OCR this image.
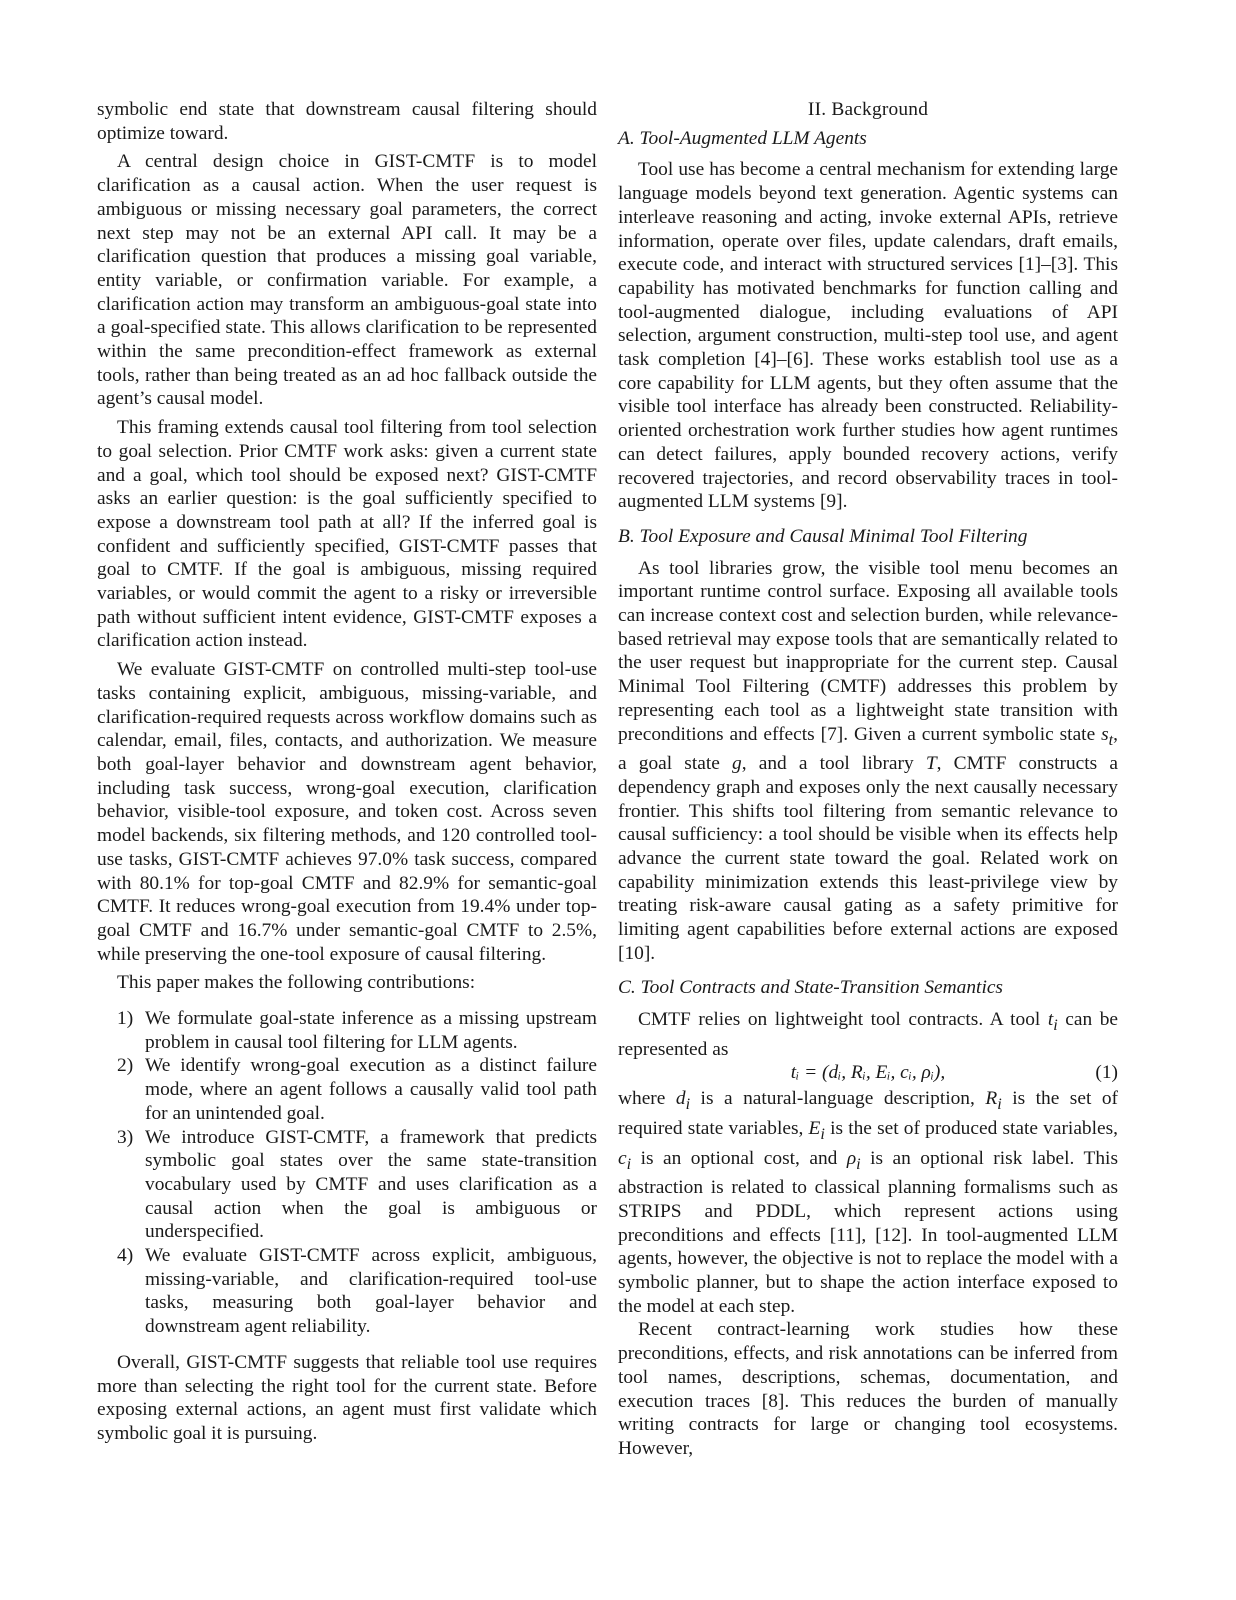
symbolic end state that downstream causal filtering should optimize toward.

A central design choice in GIST-CMTF is to model clarification as a causal action. When the user request is ambiguous or missing necessary goal parameters, the correct next step may not be an external API call. It may be a clarification question that produces a missing goal variable, entity variable, or confirmation variable. For example, a clarification action may transform an ambiguous-goal state into a goal-specified state. This allows clarification to be represented within the same precondition-effect framework as external tools, rather than being treated as an ad hoc fallback outside the agent’s causal model.

This framing extends causal tool filtering from tool selection to goal selection. Prior CMTF work asks: given a current state and a goal, which tool should be exposed next? GIST-CMTF asks an earlier question: is the goal sufficiently specified to expose a downstream tool path at all? If the inferred goal is confident and sufficiently specified, GIST-CMTF passes that goal to CMTF. If the goal is ambiguous, missing required variables, or would commit the agent to a risky or irreversible path without sufficient intent evidence, GIST-CMTF exposes a clarification action instead.

We evaluate GIST-CMTF on controlled multi-step tool-use tasks containing explicit, ambiguous, missing-variable, and clarification-required requests across workflow domains such as calendar, email, files, contacts, and authorization. We measure both goal-layer behavior and downstream agent behavior, including task success, wrong-goal execution, clarification behavior, visible-tool exposure, and token cost. Across seven model backends, six filtering methods, and 120 controlled tool-use tasks, GIST-CMTF achieves 97.0% task success, compared with 80.1% for top-goal CMTF and 82.9% for semantic-goal CMTF. It reduces wrong-goal execution from 19.4% under top-goal CMTF and 16.7% under semantic-goal CMTF to 2.5%, while preserving the one-tool exposure of causal filtering.

This paper makes the following contributions:

1) We formulate goal-state inference as a missing upstream problem in causal tool filtering for LLM agents.
2) We identify wrong-goal execution as a distinct failure mode, where an agent follows a causally valid tool path for an unintended goal.
3) We introduce GIST-CMTF, a framework that predicts symbolic goal states over the same state-transition vocabulary used by CMTF and uses clarification as a causal action when the goal is ambiguous or underspecified.
4) We evaluate GIST-CMTF across explicit, ambiguous, missing-variable, and clarification-required tool-use tasks, measuring both goal-layer behavior and downstream agent reliability.

Overall, GIST-CMTF suggests that reliable tool use requires more than selecting the right tool for the current state. Before exposing external actions, an agent must first validate which symbolic goal it is pursuing.

II. Background
A. Tool-Augmented LLM Agents

Tool use has become a central mechanism for extending large language models beyond text generation. Agentic systems can interleave reasoning and acting, invoke external APIs, retrieve information, operate over files, update calendars, draft emails, execute code, and interact with structured services [1]–[3]. This capability has motivated benchmarks for function calling and tool-augmented dialogue, including evaluations of API selection, argument construction, multi-step tool use, and agent task completion [4]–[6]. These works establish tool use as a core capability for LLM agents, but they often assume that the visible tool interface has already been constructed. Reliability-oriented orchestration work further studies how agent runtimes can detect failures, apply bounded recovery actions, verify recovered trajectories, and record observability traces in tool-augmented LLM systems [9].

B. Tool Exposure and Causal Minimal Tool Filtering

As tool libraries grow, the visible tool menu becomes an important runtime control surface. Exposing all available tools can increase context cost and selection burden, while relevance-based retrieval may expose tools that are semantically related to the user request but inappropriate for the current step. Causal Minimal Tool Filtering (CMTF) addresses this problem by representing each tool as a lightweight state transition with preconditions and effects [7]. Given a current symbolic state $s_t$, a goal state g, and a tool library T, CMTF constructs a dependency graph and exposes only the next causally necessary frontier. This shifts tool filtering from semantic relevance to causal sufficiency: a tool should be visible when its effects help advance the current state toward the goal. Related work on capability minimization extends this least-privilege view by treating risk-aware causal gating as a safety primitive for limiting agent capabilities before external actions are exposed [10].

C. Tool Contracts and State-Transition Semantics

CMTF relies on lightweight tool contracts. A tool $t_i$ can be represented as

tᵢ = (dᵢ, Rᵢ, Eᵢ, cᵢ, ρᵢ),	(1)

where $d_i$ is a natural-language description, $R_i$ is the set of required state variables, $E_i$ is the set of produced state variables, $c_i$ is an optional cost, and $\rho_i$ is an optional risk label. This abstraction is related to classical planning formalisms such as STRIPS and PDDL, which represent actions using preconditions and effects [11], [12]. In tool-augmented LLM agents, however, the objective is not to replace the model with a symbolic planner, but to shape the action interface exposed to the model at each step.

Recent contract-learning work studies how these preconditions, effects, and risk annotations can be inferred from tool names, descriptions, schemas, documentation, and execution traces [8]. This reduces the burden of manually writing contracts for large or changing tool ecosystems. However,
